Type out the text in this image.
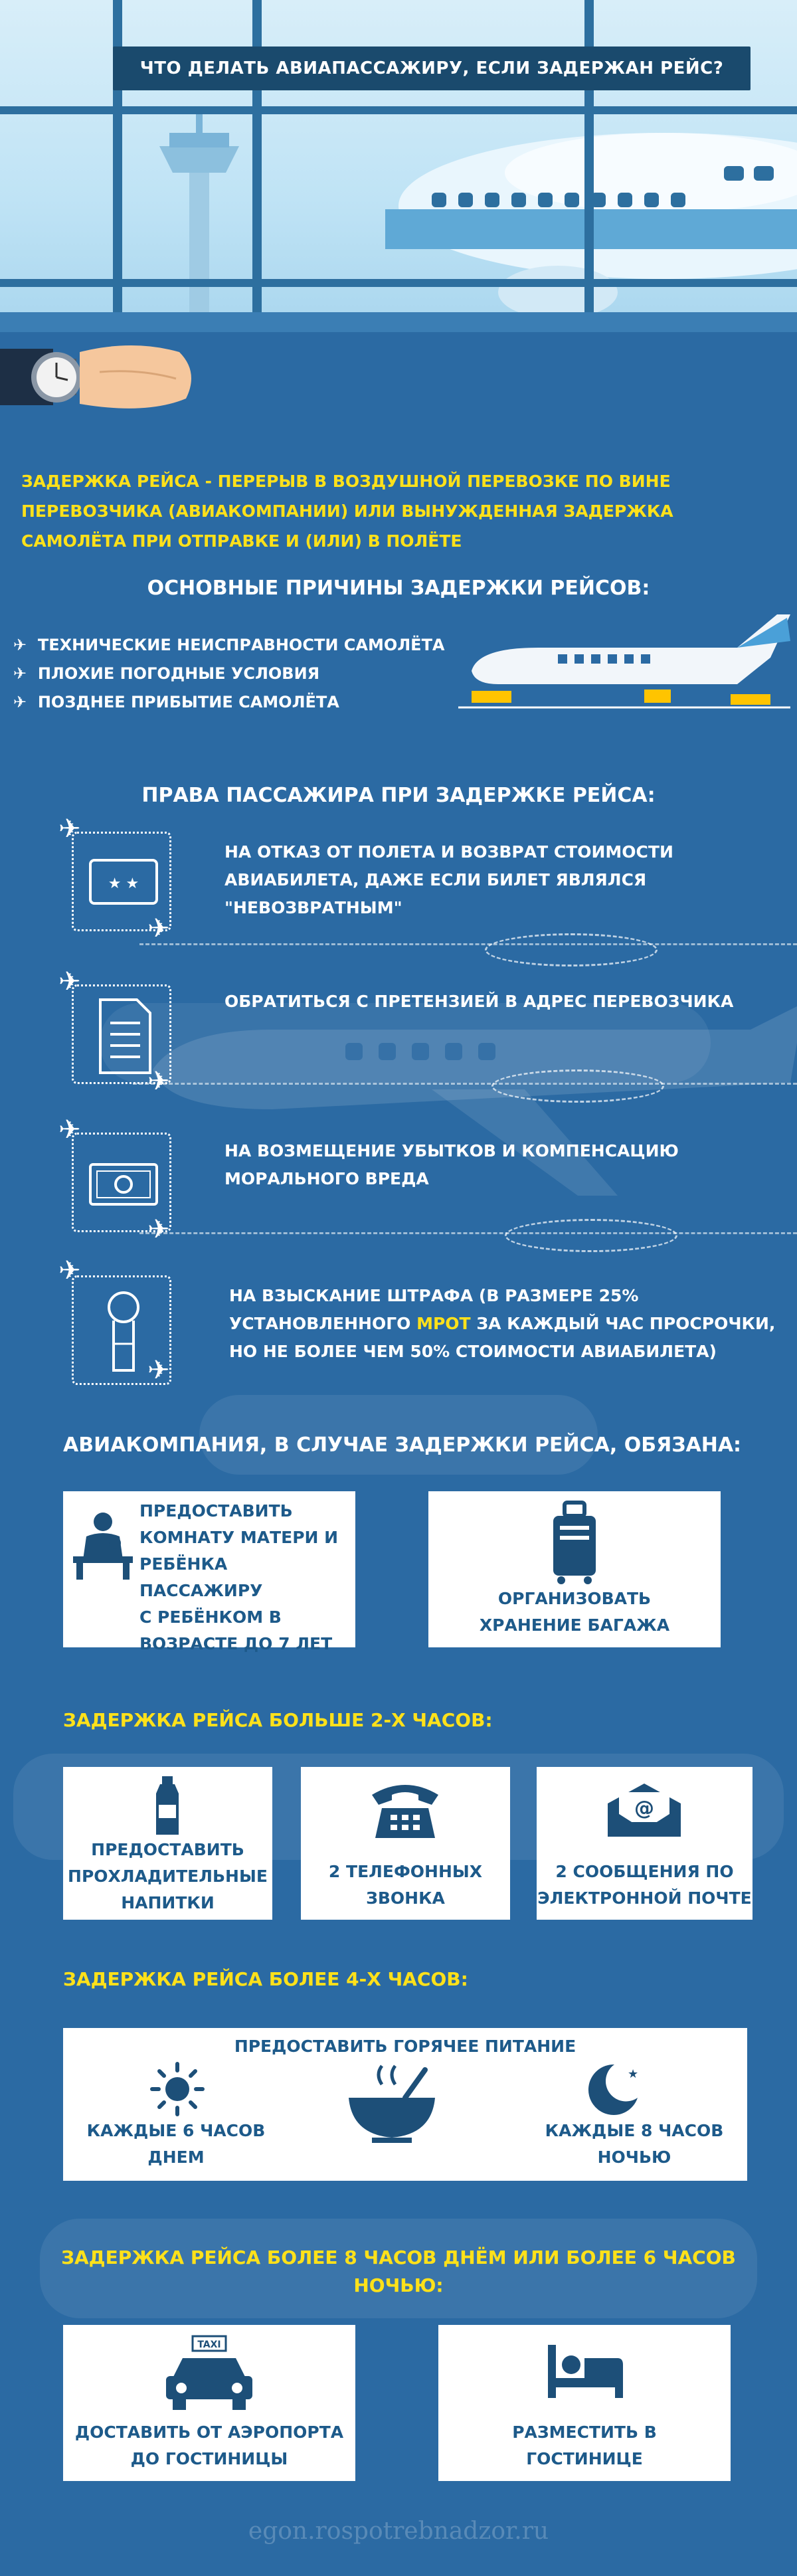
ЧТО ДЕЛАТЬ АВИАПАССАЖИРУ, ЕСЛИ ЗАДЕРЖАН РЕЙС?
ЗАДЕРЖКА РЕЙСА - ПЕРЕРЫВ В ВОЗДУШНОЙ ПЕРЕВОЗКЕ ПО ВИНЕ ПЕРЕВОЗЧИКА (АВИАКОМПАНИИ) ИЛИ ВЫНУЖДЕННАЯ ЗАДЕРЖКА САМОЛЁТА ПРИ ОТПРАВКЕ И (ИЛИ) В ПОЛЁТЕ
ОСНОВНЫЕ ПРИЧИНЫ ЗАДЕРЖКИ РЕЙСОВ:
✈ ТЕХНИЧЕСКИЕ НЕИСПРАВНОСТИ САМОЛЁТА
✈ ПЛОХИЕ ПОГОДНЫЕ УСЛОВИЯ
✈ ПОЗДНЕЕ ПРИБЫТИЕ САМОЛЁТА
ПРАВА ПАССАЖИРА ПРИ ЗАДЕРЖКЕ РЕЙСА:
★ ★
✈
✈
НА ОТКАЗ ОТ ПОЛЕТА И ВОЗВРАТ СТОИМОСТИ
АВИАБИЛЕТА, ДАЖЕ ЕСЛИ БИЛЕТ ЯВЛЯЛСЯ
"НЕВОЗВРАТНЫМ"
✈
✈
ОБРАТИТЬСЯ С ПРЕТЕНЗИЕЙ В АДРЕС ПЕРЕВОЗЧИКА
✈
✈
НА ВОЗМЕЩЕНИЕ УБЫТКОВ И КОМПЕНСАЦИЮ
МОРАЛЬНОГО ВРЕДА
✈
✈
НА ВЗЫСКАНИЕ ШТРАФА (В РАЗМЕРЕ 25%
УСТАНОВЛЕННОГО МРОТ ЗА КАЖДЫЙ ЧАС ПРОСРОЧКИ,
НО НЕ БОЛЕЕ ЧЕМ 50% СТОИМОСТИ АВИАБИЛЕТА)
АВИАКОМПАНИЯ, В СЛУЧАЕ ЗАДЕРЖКИ РЕЙСА, ОБЯЗАНА:
ПРЕДОСТАВИТЬ
КОМНАТУ МАТЕРИ И
РЕБЁНКА ПАССАЖИРУ
С РЕБЁНКОМ В
ВОЗРАСТЕ ДО 7 ЛЕТ
ОРГАНИЗОВАТЬ
ХРАНЕНИЕ БАГАЖА
ЗАДЕРЖКА РЕЙСА БОЛЬШЕ 2-Х ЧАСОВ:
ПРЕДОСТАВИТЬ
ПРОХЛАДИТЕЛЬНЫЕ
НАПИТКИ
2 ТЕЛЕФОННЫХ
ЗВОНКА
@
2 СООБЩЕНИЯ ПО
ЭЛЕКТРОННОЙ ПОЧТЕ
ЗАДЕРЖКА РЕЙСА БОЛЕЕ 4-Х ЧАСОВ:
ПРЕДОСТАВИТЬ ГОРЯЧЕЕ ПИТАНИЕ
КАЖДЫЕ 6 ЧАСОВ
ДНЕМ
★
КАЖДЫЕ 8 ЧАСОВ
НОЧЬЮ
ЗАДЕРЖКА РЕЙСА БОЛЕЕ 8 ЧАСОВ ДНЁМ ИЛИ БОЛЕЕ 6 ЧАСОВ
НОЧЬЮ:
TAXI
ДОСТАВИТЬ ОТ АЭРОПОРТА
ДО ГОСТИНИЦЫ
РАЗМЕСТИТЬ В
ГОСТИНИЦЕ
egon.rospotrebnadzor.ru
